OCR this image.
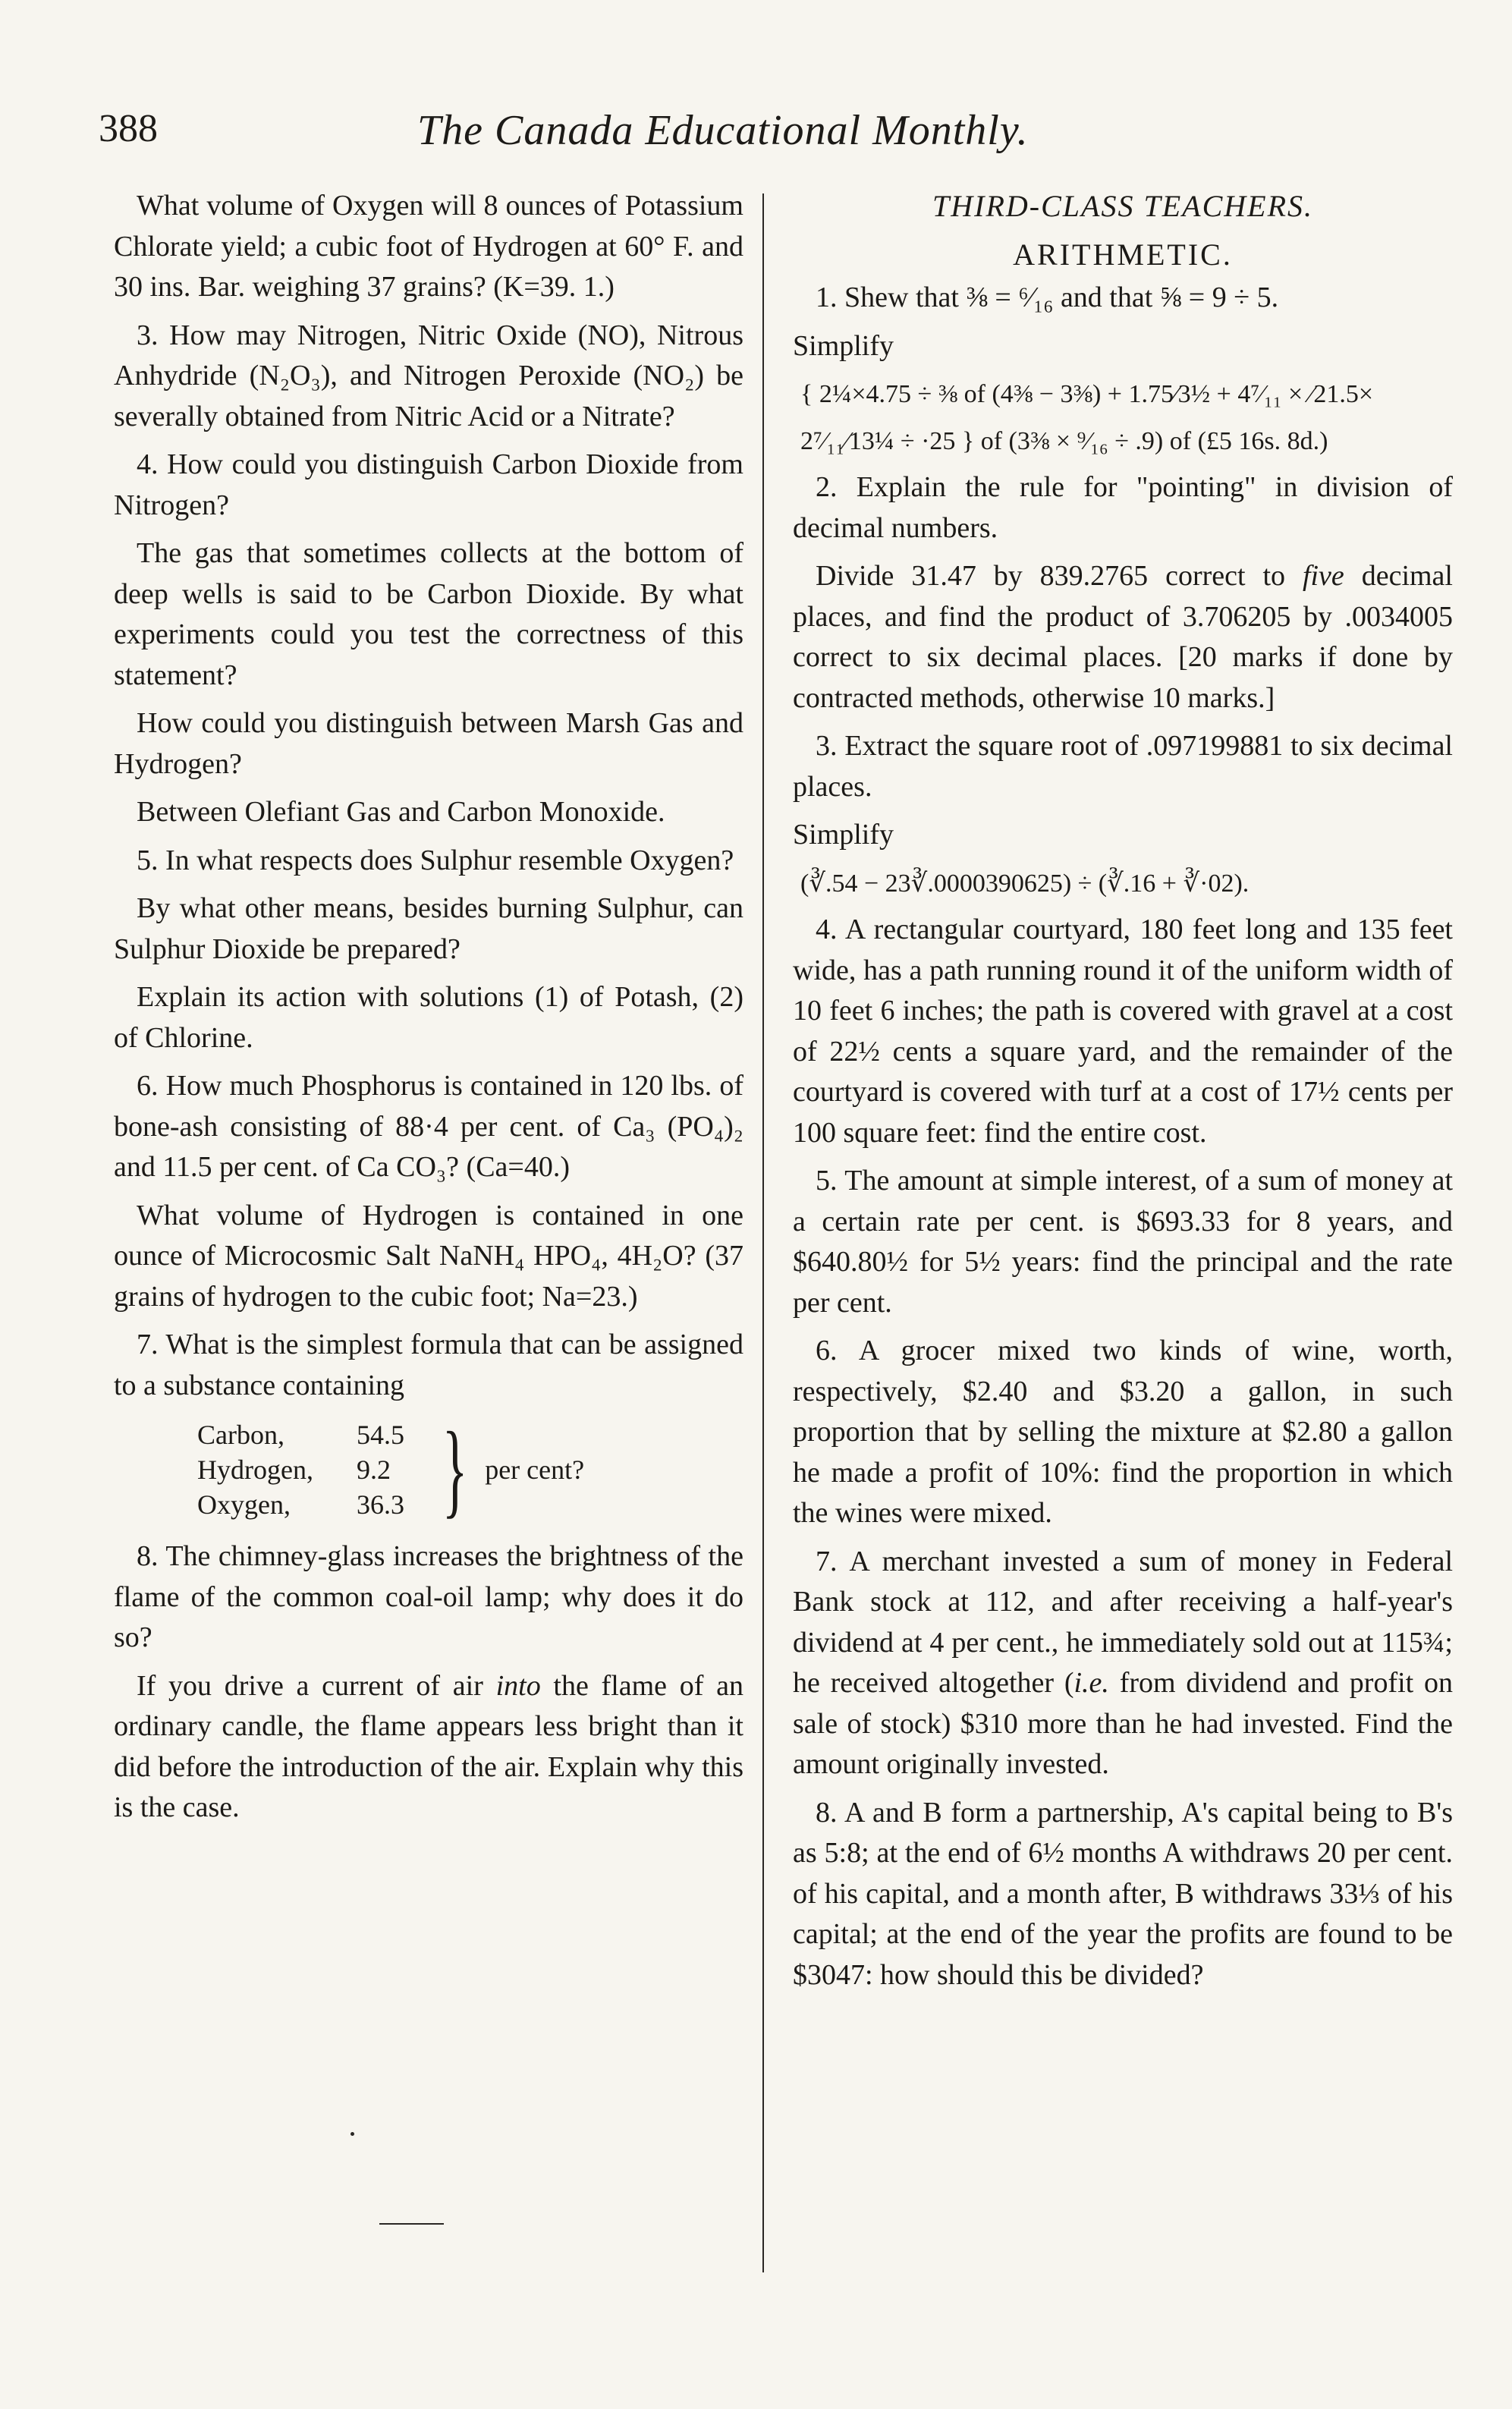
388	The Canada Educational Monthly.

What volume of Oxygen will 8 ounces of Potassium Chlorate yield; a cubic foot of Hydrogen at 60° F. and 30 ins. Bar. weighing 37 grains? (K=39. 1.)

3. How may Nitrogen, Nitric Oxide (NO), Nitrous Anhydride (N₂O₃), and Nitrogen Peroxide (NO₂) be severally obtained from Nitric Acid or a Nitrate?

4. How could you distinguish Carbon Dioxide from Nitrogen?

The gas that sometimes collects at the bottom of deep wells is said to be Carbon Dioxide. By what experiments could you test the correctness of this statement?

How could you distinguish between Marsh Gas and Hydrogen?

Between Olefiant Gas and Carbon Monoxide.

5. In what respects does Sulphur resemble Oxygen?

By what other means, besides burning Sulphur, can Sulphur Dioxide be prepared?

Explain its action with solutions (1) of Potash, (2) of Chlorine.

6. How much Phosphorus is contained in 120 lbs. of bone-ash consisting of 88·4 per cent. of Ca₃ (PO₄)₂ and 11.5 per cent. of Ca CO₃? (Ca=40.)

What volume of Hydrogen is contained in one ounce of Microcosmic Salt NaNH₄ HPO₄, 4H₂O? (37 grains of hydrogen to the cubic foot; Na=23.)

7. What is the simplest formula that can be assigned to a substance containing

Carbon,	54.5
Hydrogen,	9.2
Oxygen,	36.3 } per cent?

8. The chimney-glass increases the brightness of the flame of the common coal-oil lamp; why does it do so?

If you drive a current of air into the flame of an ordinary candle, the flame appears less bright than it did before the introduction of the air. Explain why this is the case.

THIRD-CLASS TEACHERS.

ARITHMETIC.

1. Shew that ⅜ = ⁶⁄₁₆ and that ⅝ = 9 ÷ 5.

Simplify

{ 2¼×4.75 ÷ ⅜ of (4⅜ − 3⅜) + 1.75⁄3½ + 4⁷⁄₁₁ × ⁄21.5×

2⁷⁄₁₁⁄13¼ ÷ ·25 } of (3⅜ × ⁹⁄₁₆ ÷ .9) of (£5 16s. 8d.)

2. Explain the rule for "pointing" in division of decimal numbers.

Divide 31.47 by 839.2765 correct to five decimal places, and find the product of 3.706205 by .0034005 correct to six decimal places. [20 marks if done by contracted methods, otherwise 10 marks.]

3. Extract the square root of .097199881 to six decimal places.

Simplify

(∛.54 − 23∛.0000390625) ÷ (∛.16 + ∛·02).

4. A rectangular courtyard, 180 feet long and 135 feet wide, has a path running round it of the uniform width of 10 feet 6 inches; the path is covered with gravel at a cost of 22½ cents a square yard, and the remainder of the courtyard is covered with turf at a cost of 17½ cents per 100 square feet: find the entire cost.

5. The amount at simple interest, of a sum of money at a certain rate per cent. is $693.33 for 8 years, and $640.80½ for 5½ years: find the principal and the rate per cent.

6. A grocer mixed two kinds of wine, worth, respectively, $2.40 and $3.20 a gallon, in such proportion that by selling the mixture at $2.80 a gallon he made a profit of 10%: find the proportion in which the wines were mixed.

7. A merchant invested a sum of money in Federal Bank stock at 112, and after receiving a half-year's dividend at 4 per cent., he immediately sold out at 115¾; he received altogether (i.e. from dividend and profit on sale of stock) $310 more than he had invested. Find the amount originally invested.

8. A and B form a partnership, A's capital being to B's as 5:8; at the end of 6½ months A withdraws 20 per cent. of his capital, and a month after, B withdraws 33⅓ of his capital; at the end of the year the profits are found to be $3047: how should this be divided?
